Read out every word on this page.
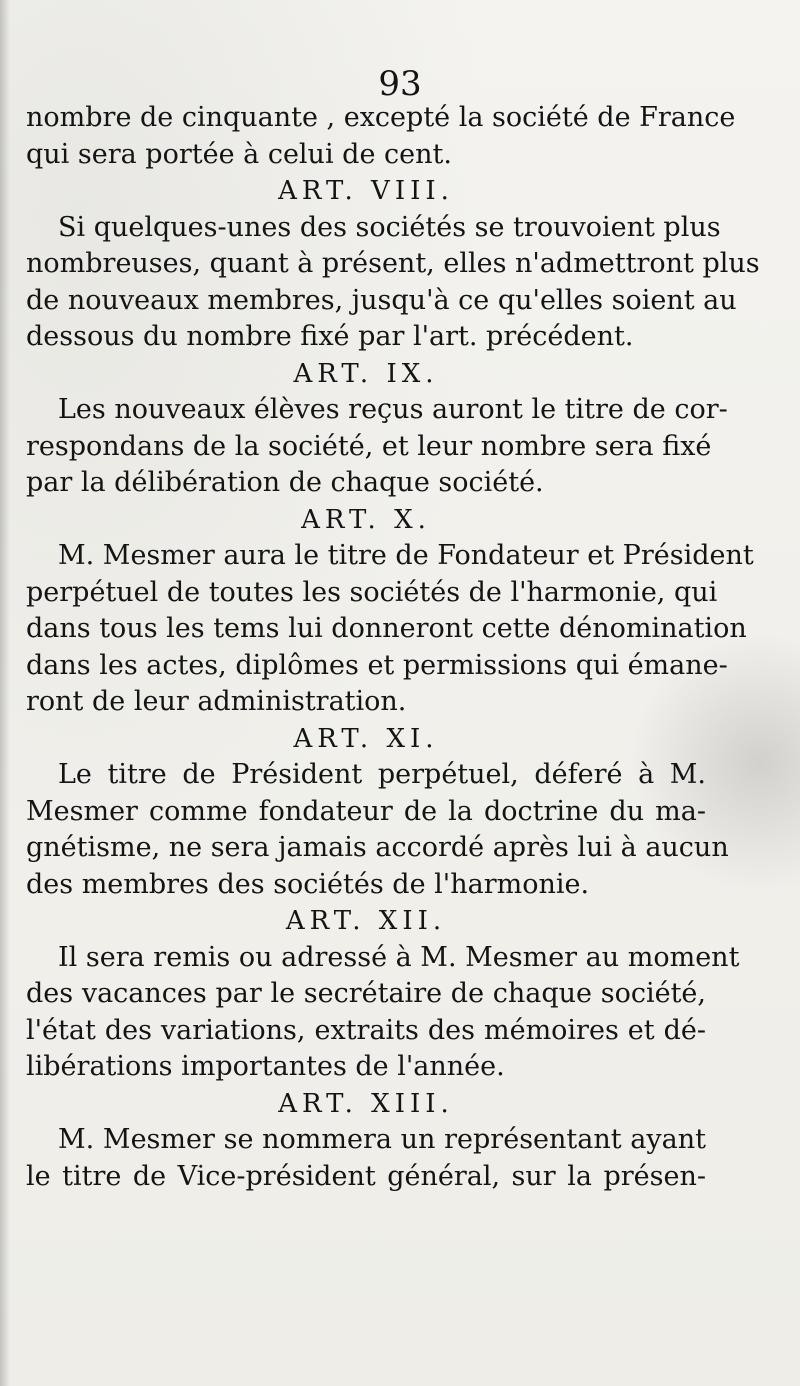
93
nombre de cinquante , excepté la société de France
qui sera portée à celui de cent.
ART. VIII.
Si quelques-unes des sociétés se trouvoient plus
nombreuses, quant à présent, elles n'admettront plus
de nouveaux membres, jusqu'à ce qu'elles soient au
dessous du nombre fixé par l'art. précédent.
ART. IX.
Les nouveaux élèves reçus auront le titre de cor-
respondans de la société, et leur nombre sera fixé
par la délibération de chaque société.
ART. X.
M. Mesmer aura le titre de Fondateur et Président
perpétuel de toutes les sociétés de l'harmonie, qui
dans tous les tems lui donneront cette dénomination
dans les actes, diplômes et permissions qui émane-
ront de leur administration.
ART. XI.
Le titre de Président perpétuel, déferé à M.
Mesmer comme fondateur de la doctrine du ma-
gnétisme, ne sera jamais accordé après lui à aucun
des membres des sociétés de l'harmonie.
ART. XII.
Il sera remis ou adressé à M. Mesmer au moment
des vacances par le secrétaire de chaque société,
l'état des variations, extraits des mémoires et dé-
libérations importantes de l'année.
ART. XIII.
M. Mesmer se nommera un représentant ayant
le titre de Vice-président général, sur la présen-
